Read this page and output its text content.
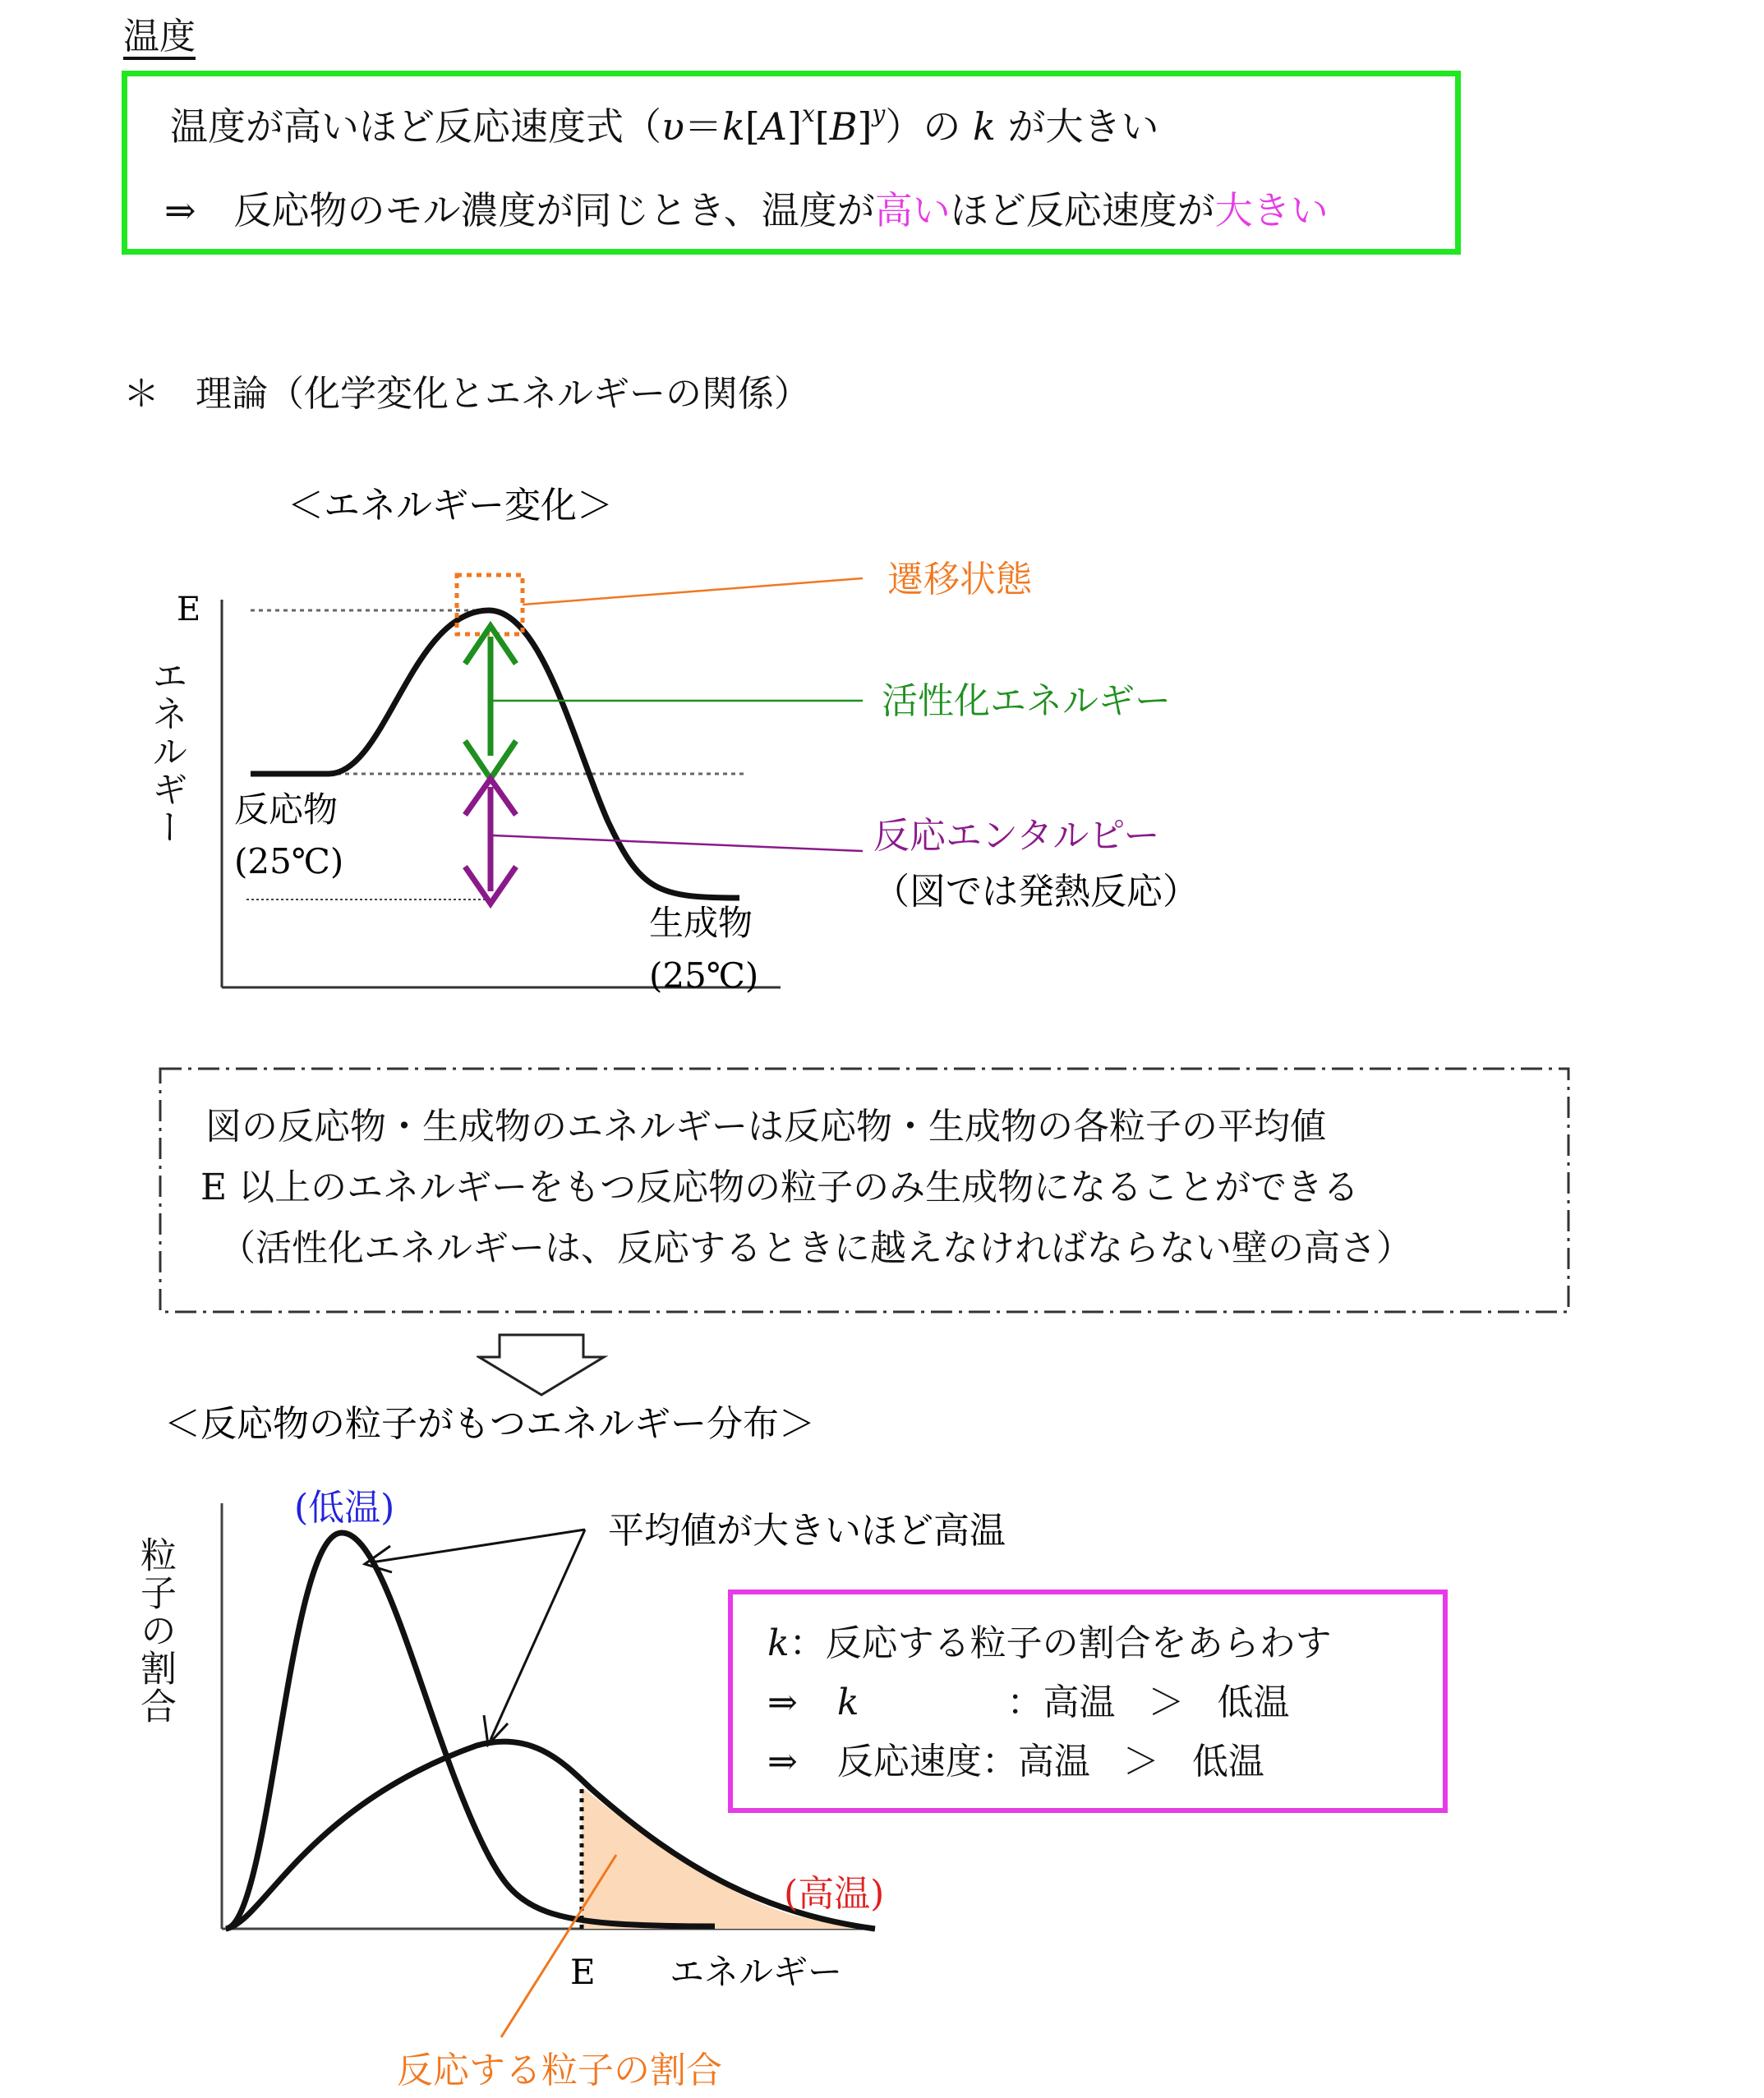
温度
温度が高いほど反応速度式$(\upsilon=k[A]^x[B]^y)$の k が大きい
⇒　反応物のモル濃度が同じとき、温度が高いほど反応速度が大きい
＊　理論（化学変化とエネルギーの関係）
＜エネルギー変化＞
E
遷移状態
活性化エネルギー
反応エンタルピー
（図では発熱反応）
反応物
(25℃)
生成物
(25℃)
エネルギー
図の反応物・生成物のエネルギーは反応物・生成物の各粒子の平均値
E 以上のエネルギーをもつ反応物の粒子のみ生成物になることができる
（活性化エネルギーは、反応するときに越えなければならない壁の高さ）
＜反応物の粒子がもつエネルギー分布＞
(低温)
平均値が大きいほど高温
(高温)
E エネルギー
反応する粒子の割合
粒子の割合	k：反応する粒子の割合をあらわす
⇒ k	：高温 ＞ 低温
⇒ 反応速度：高温 ＞ 低温
